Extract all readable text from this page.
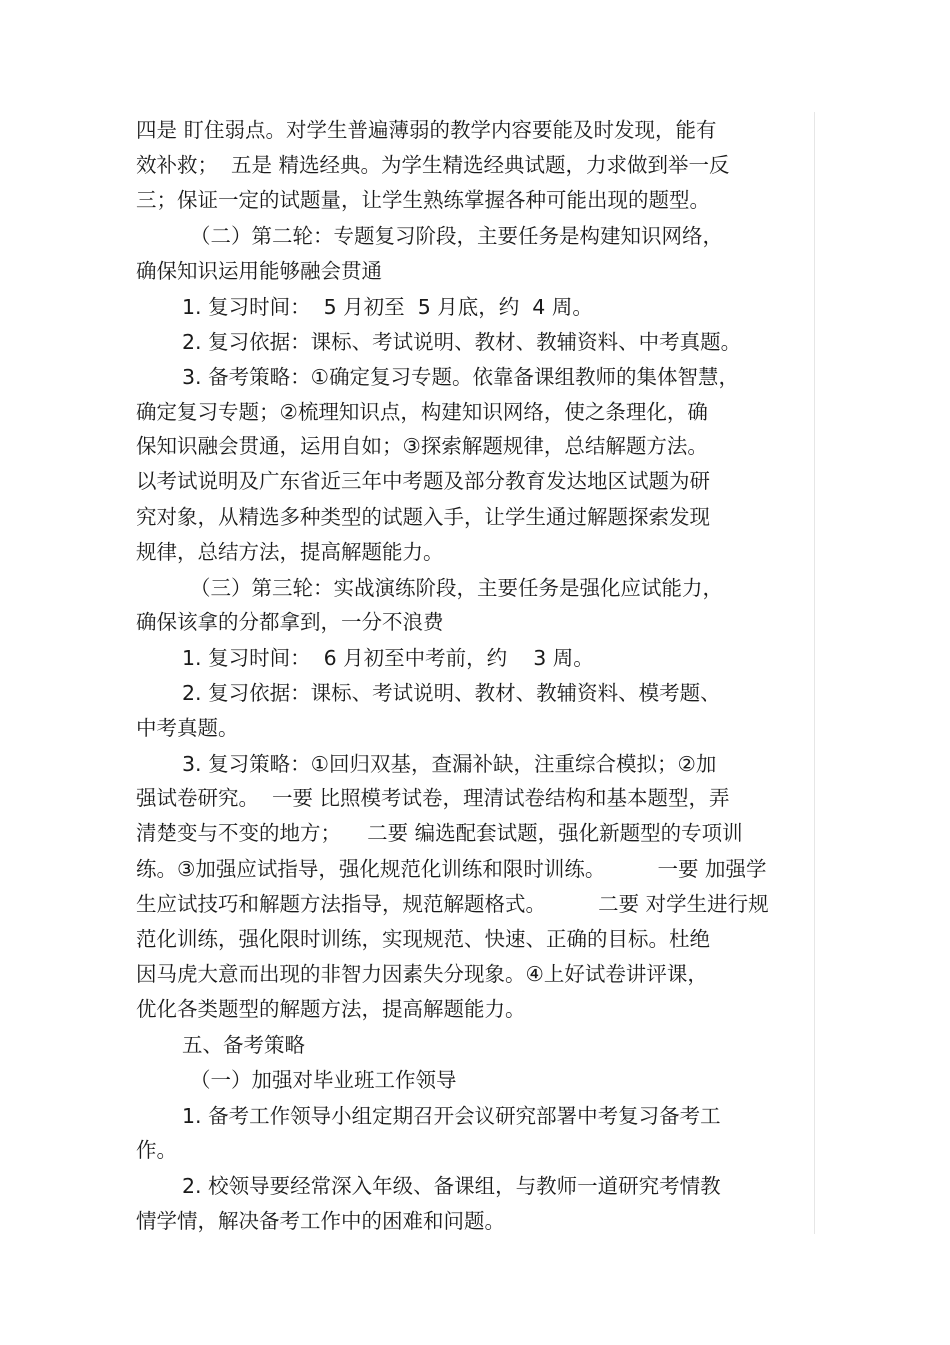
四是 盯住弱点。对学生普遍薄弱的教学内容要能及时发现，能有
效补救；  五是 精选经典。为学生精选经典试题，力求做到举一反
三；保证一定的试题量，让学生熟练掌握各种可能出现的题型。
（二）第二轮：专题复习阶段，主要任务是构建知识网络，
确保知识运用能够融会贯通
1. 复习时间：  5 月初至  5 月底，约  4 周。
2. 复习依据：课标、考试说明、教材、教辅资料、中考真题。
3. 备考策略：①确定复习专题。依靠备课组教师的集体智慧，
确定复习专题；②梳理知识点，构建知识网络，使之条理化，确
保知识融会贯通，运用自如；③探索解题规律，总结解题方法。
以考试说明及广东省近三年中考题及部分教育发达地区试题为研
究对象，从精选多种类型的试题入手，让学生通过解题探索发现
规律，总结方法，提高解题能力。
（三）第三轮：实战演练阶段，主要任务是强化应试能力，
确保该拿的分都拿到，一分不浪费
1. 复习时间：  6 月初至中考前，约    3 周。
2. 复习依据：课标、考试说明、教材、教辅资料、模考题、
中考真题。
3. 复习策略：①回归双基，查漏补缺，注重综合模拟；②加
强试卷研究。  一要 比照模考试卷，理清试卷结构和基本题型，弄
清楚变与不变的地方；    二要 编选配套试题，强化新题型的专项训
练。③加强应试指导，强化规范化训练和限时训练。        一要 加强学
生应试技巧和解题方法指导，规范解题格式。        二要 对学生进行规
范化训练，强化限时训练，实现规范、快速、正确的目标。杜绝
因马虎大意而出现的非智力因素失分现象。④上好试卷讲评课，
优化各类题型的解题方法，提高解题能力。
五、备考策略
（一）加强对毕业班工作领导
1. 备考工作领导小组定期召开会议研究部署中考复习备考工
作。
2. 校领导要经常深入年级、备课组，与教师一道研究考情教
情学情，解决备考工作中的困难和问题。
